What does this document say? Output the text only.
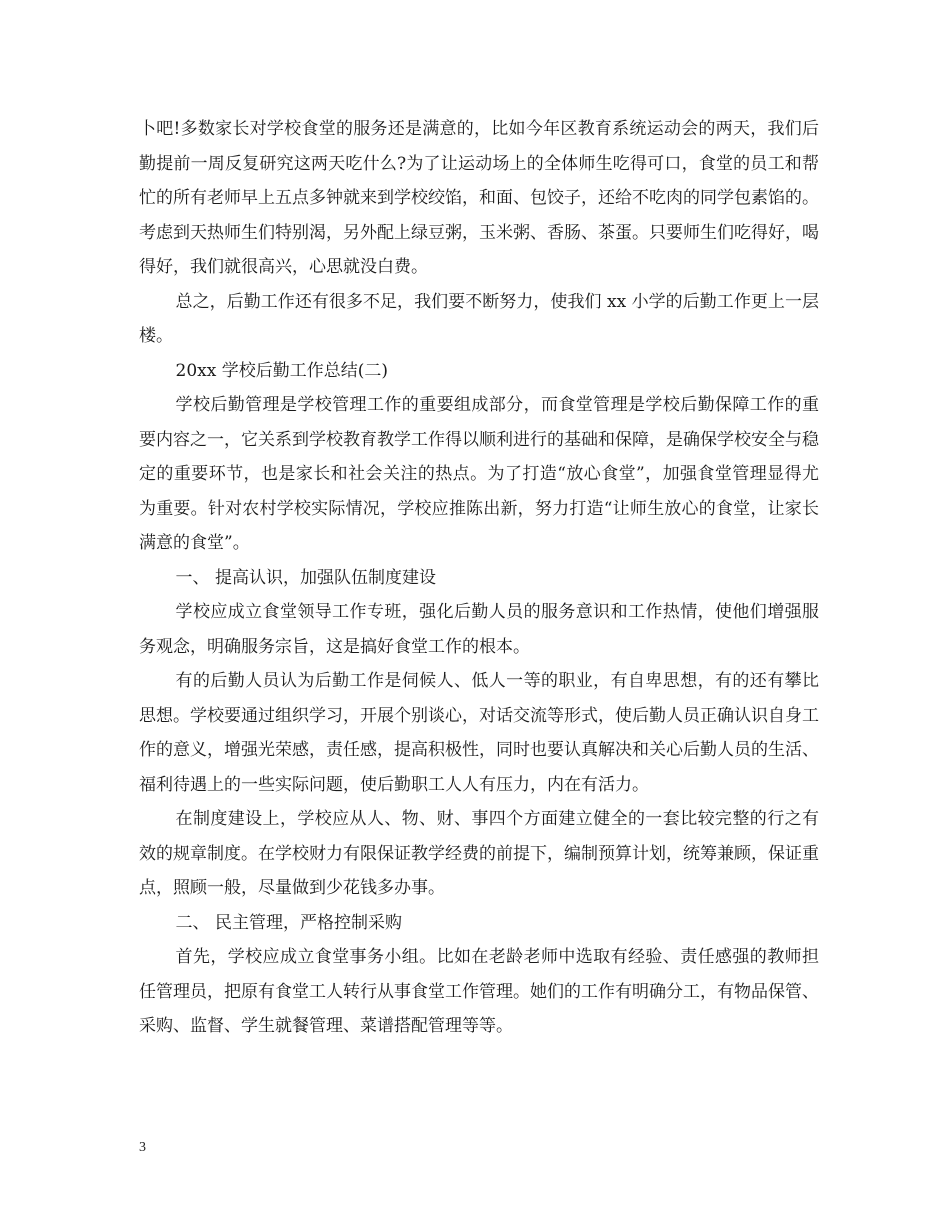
卜吧!多数家长对学校食堂的服务还是满意的，比如今年区教育系统运动会的两天，我们后勤提前一周反复研究这两天吃什么?为了让运动场上的全体师生吃得可口，食堂的员工和帮忙的所有老师早上五点多钟就来到学校绞馅，和面、包饺子，还给不吃肉的同学包素馅的。考虑到天热师生们特别渴，另外配上绿豆粥，玉米粥、香肠、茶蛋。只要师生们吃得好，喝得好，我们就很高兴，心思就没白费。

总之，后勤工作还有很多不足，我们要不断努力，使我们 xx 小学的后勤工作更上一层楼。

20xx 学校后勤工作总结(二)

学校后勤管理是学校管理工作的重要组成部分，而食堂管理是学校后勤保障工作的重要内容之一，它关系到学校教育教学工作得以顺利进行的基础和保障，是确保学校安全与稳定的重要环节，也是家长和社会关注的热点。为了打造“放心食堂”，加强食堂管理显得尤为重要。针对农村学校实际情况，学校应推陈出新，努力打造“让师生放心的食堂，让家长满意的食堂”。

一、 提高认识，加强队伍制度建设

学校应成立食堂领导工作专班，强化后勤人员的服务意识和工作热情，使他们增强服务观念，明确服务宗旨，这是搞好食堂工作的根本。

有的后勤人员认为后勤工作是伺候人、低人一等的职业，有自卑思想，有的还有攀比思想。学校要通过组织学习，开展个别谈心，对话交流等形式，使后勤人员正确认识自身工作的意义，增强光荣感，责任感，提高积极性，同时也要认真解决和关心后勤人员的生活、福利待遇上的一些实际问题，使后勤职工人人有压力，内在有活力。

在制度建设上，学校应从人、物、财、事四个方面建立健全的一套比较完整的行之有效的规章制度。在学校财力有限保证教学经费的前提下，编制预算计划，统筹兼顾，保证重点，照顾一般，尽量做到少花钱多办事。

二、 民主管理，严格控制采购

首先，学校应成立食堂事务小组。比如在老龄老师中选取有经验、责任感强的教师担任管理员，把原有食堂工人转行从事食堂工作管理。她们的工作有明确分工，有物品保管、采购、监督、学生就餐管理、菜谱搭配管理等等。

3
